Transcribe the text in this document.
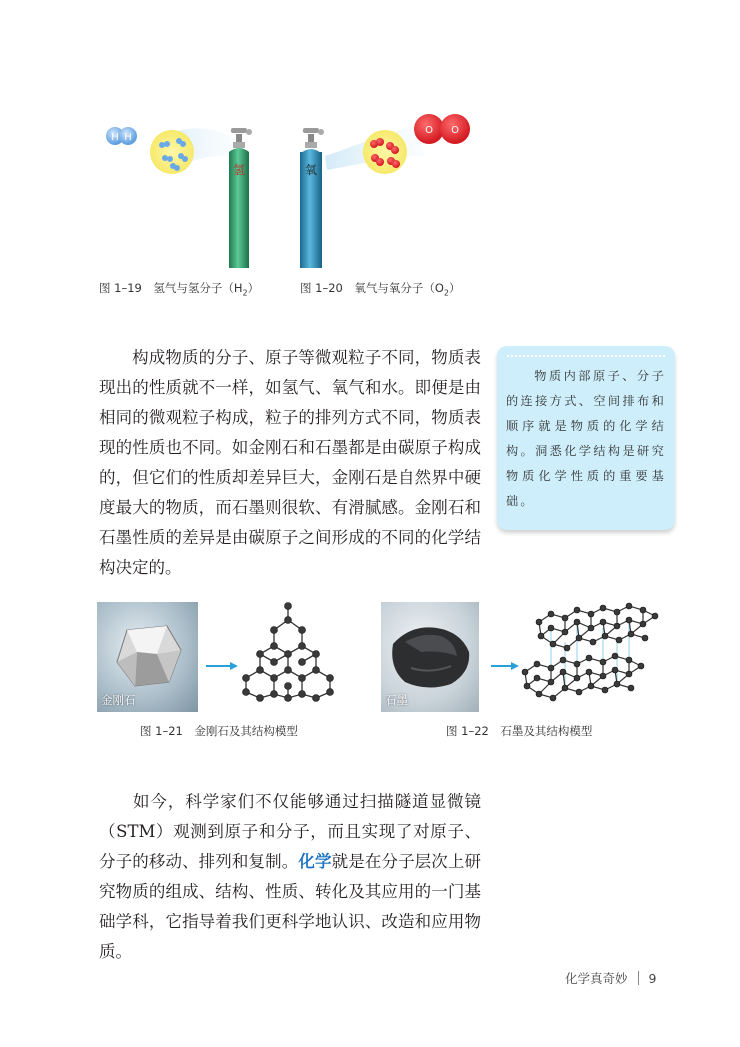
H H
氢	氧
O O
图 1–19　氢气与氢分子$(H_2)$	图 1–20　氧气与氧分子$(O_2)$
构成物质的分子、原子等微观粒子不同，物质表现出的性质就不一样，如氢气、氧气和水。即便是由相同的微观粒子构成，粒子的排列方式不同，物质表现的性质也不同。如金刚石和石墨都是由碳原子构成的，但它们的性质却差异巨大，金刚石是自然界中硬度最大的物质，而石墨则很软、有滑腻感。金刚石和石墨性质的差异是由碳原子之间形成的不同的化学结构决定的。
物质内部原子、分子的连接方式、空间排布和顺序就是物质的化学结构。洞悉化学结构是研究物质化学性质的重要基础。
金刚石
图 1–21　金刚石及其结构模型
石墨
图 1–22　石墨及其结构模型
如今，科学家们不仅能够通过扫描隧道显微镜（STM）观测到原子和分子，而且实现了对原子、分子的移动、排列和复制。化学就是在分子层次上研究物质的组成、结构、性质、转化及其应用的一门基础学科，它指导着我们更科学地认识、改造和应用物质。
化学真奇妙 9
